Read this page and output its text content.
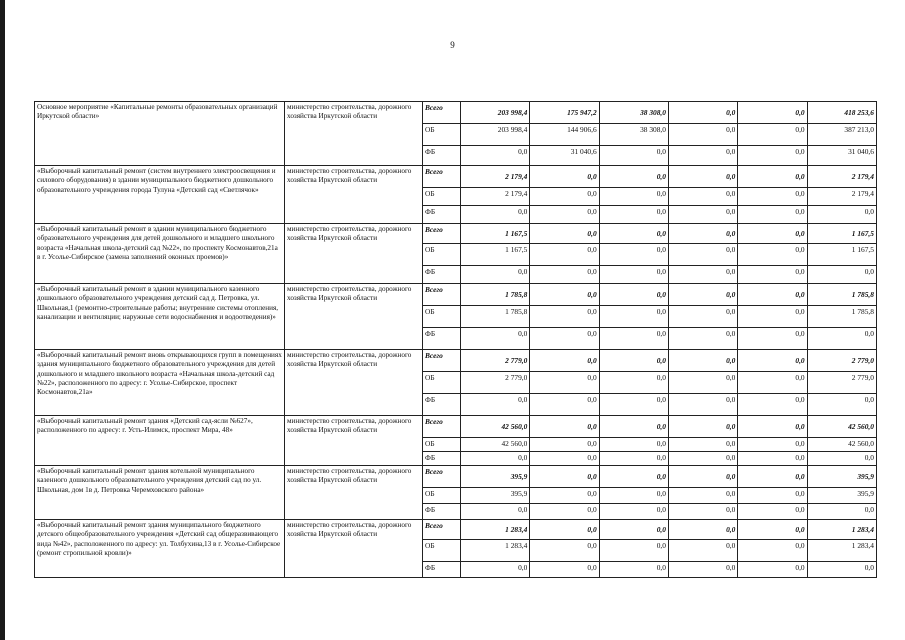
9
Основное мероприятие «Капитальные ремонты образовательных организаций Иркутской области»	министерство строительства, дорожного хозяйства Иркутской области	Всего	203 998,4	175 947,2	38 308,0	0,0	0,0	418 253,6
		ОБ	203 998,4	144 906,6	38 308,0	0,0	0,0	387 213,0
		ФБ	0,0	31 040,6	0,0	0,0	0,0	31 040,6
«Выборочный капитальный ремонт (систем внутреннего электроосвещения и силового оборудования) в здании муниципального бюджетного дошкольного образовательного учреждения города Тулуна «Детский сад «Светлячок»	министерство строительства, дорожного хозяйства Иркутской области	Всего	2 179,4	0,0	0,0	0,0	0,0	2 179,4
		ОБ	2 179,4	0,0	0,0	0,0	0,0	2 179,4
		ФБ	0,0	0,0	0,0	0,0	0,0	0,0
«Выборочный капитальный ремонт в здании муниципального бюджетного образовательного учреждения для детей дошкольного и младшего школьного возраста «Начальная школа-детский сад №22», по проспекту Космонавтов,21а в г. Усолье-Сибирское (замена заполнений оконных проемов)»	министерство строительства, дорожного хозяйства Иркутской области	Всего	1 167,5	0,0	0,0	0,0	0,0	1 167,5
		ОБ	1 167,5	0,0	0,0	0,0	0,0	1 167,5
		ФБ	0,0	0,0	0,0	0,0	0,0	0,0
«Выборочный капитальный ремонт в здании муниципального казенного дошкольного образовательного учреждения детский сад д. Петровка, ул. Школьная,1 (ремонтно-строительные работы; внутренние системы отопления, канализации и вентиляции; наружные сети водоснабжения и водоотведения)»	министерство строительства, дорожного хозяйства Иркутской области	Всего	1 785,8	0,0	0,0	0,0	0,0	1 785,8
		ОБ	1 785,8	0,0	0,0	0,0	0,0	1 785,8
		ФБ	0,0	0,0	0,0	0,0	0,0	0,0
«Выборочный капитальный ремонт вновь открывающихся групп в помещениях здания муниципального бюджетного образовательного учреждения для детей дошкольного и младшего школьного возраста «Начальная школа-детский сад №22», расположенного по адресу: г. Усолье-Сибирское, проспект Космонавтов,21а»	министерство строительства, дорожного хозяйства Иркутской области	Всего	2 779,0	0,0	0,0	0,0	0,0	2 779,0
		ОБ	2 779,0	0,0	0,0	0,0	0,0	2 779,0
		ФБ	0,0	0,0	0,0	0,0	0,0	0,0
«Выборочный капитальный ремонт здания «Детский сад-ясли №627», расположенного по адресу: г. Усть-Илимск, проспект Мира, 48»	министерство строительства, дорожного хозяйства Иркутской области	Всего	42 560,0	0,0	0,0	0,0	0,0	42 560,0
		ОБ	42 560,0	0,0	0,0	0,0	0,0	42 560,0
		ФБ	0,0	0,0	0,0	0,0	0,0	0,0
«Выборочный капитальный ремонт здания котельной муниципального казенного дошкольного образовательного учреждения детский сад по ул. Школьная, дом 1в д. Петровка Черемховского района»	министерство строительства, дорожного хозяйства Иркутской области	Всего	395,9	0,0	0,0	0,0	0,0	395,9
		ОБ	395,9	0,0	0,0	0,0	0,0	395,9
		ФБ	0,0	0,0	0,0	0,0	0,0	0,0
«Выборочный капитальный ремонт здания муниципального бюджетного детского общеобразовательного учреждения «Детский сад общеразвивающего вида №42», расположенного по адресу: ул. Толбухина,13 в г. Усолье-Сибирское (ремонт стропильной кровли)»	министерство строительства, дорожного хозяйства Иркутской области	Всего	1 283,4	0,0	0,0	0,0	0,0	1 283,4
		ОБ	1 283,4	0,0	0,0	0,0	0,0	1 283,4
		ФБ	0,0	0,0	0,0	0,0	0,0	0,0
